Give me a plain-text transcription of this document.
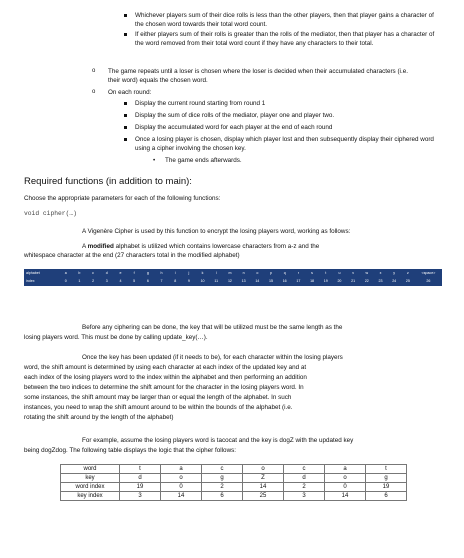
Whichever players sum of their dice rolls is less than the other players, then that player gains a character of the chosen word towards their total word count.
If either players sum of their rolls is greater than the rolls of the mediator, then that player has a character of the word removed from their total word count if they have any characters to their total.
o The game repeats until a loser is chosen where the loser is decided when their accumulated characters (i.e. their word) equals the chosen word.
o On each round:
Display the current round starting from round 1
Display the sum of dice rolls of the mediator, player one and player two.
Display the accumulated word for each player at the end of each round
Once a losing player is chosen, display which player lost and then subsequently display their ciphered word using a cipher involving the chosen key.
• The game ends afterwards.
Required functions (in addition to main):
Choose the appropriate parameters for each of the following functions:
void cipher(…)
A Vigenère Cipher is used by this function to encrypt the losing players word, working as follows:
A modified alphabet is utilized which contains lowercase characters from a-z and the
whitespace character at the end (27 characters total in the modified alphabet)
alphabet	a	b	c	d	e	f	g	h	i	j	k	l	m	n	o	p	q	r	s	t	u	v	w	x	y	z	<space>
index	0	1	2	3	4	5	6	7	8	9	10	11	12	13	14	15	16	17	18	19	20	21	22	23	24	25	26
Before any ciphering can be done, the key that will be utilized must be the same length as the
losing players word. This must be done by calling update_key(…).
Once the key has been updated (if it needs to be), for each character within the losing players
word, the shift amount is determined by using each character at each index of the updated key and at
each index of the losing players word to the index within the alphabet and then performing an addition
between the two indices to determine the shift amount for the character in the losing players word. In
some instances, the shift amount may be larger than or equal the length of the alphabet. In such
instances, you need to wrap the shift amount around to be within the bounds of the alphabet (i.e.
rotating the shift around by the length of the alphabet)
For example, assume the losing players word is tacocat and the key is dogZ with the updated key
being dogZdog. The following table displays the logic that the cipher follows:
word	t	a	c	o	c	a	t
key	d	o	g	Z	d	o	g
word index	19	0	2	14	2	0	19
key index	3	14	6	25	3	14	6
